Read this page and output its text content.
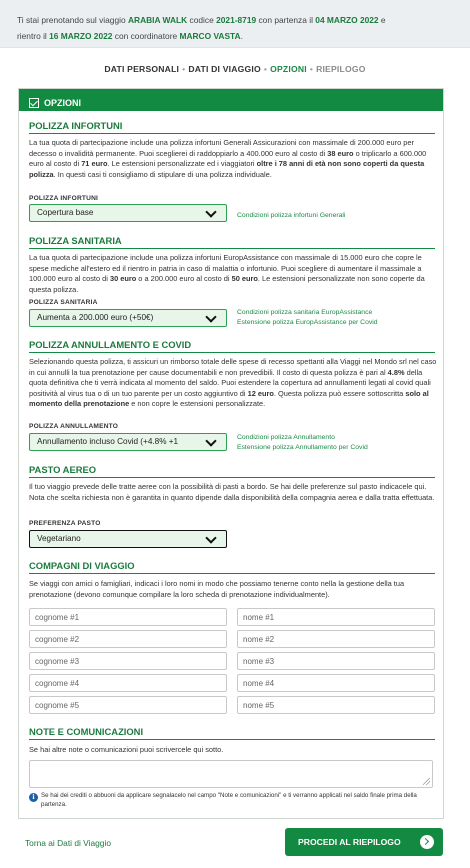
Ti stai prenotando sul viaggio ARABIA WALK codice 2021-8719 con partenza il 04 MARZO 2022 e
rientro il 16 MARZO 2022 con coordinatore MARCO VASTA.
DATI PERSONALI • DATI DI VIAGGIO • OPZIONI • RIEPILOGO
OPZIONI
POLIZZA INFORTUNI
La tua quota di partecipazione include una polizza infortuni Generali Assicurazioni con massimale di 200.000 euro per decesso o invalidità permanente. Puoi sceglierei di raddoppiarlo a 400.000 euro al costo di 38 euro o triplicarlo a 600.000 euro al costo di 71 euro. Le estensioni personalizzate ed i viaggiatori oltre i 78 anni di età non sono coperti da questa polizza. In questi casi ti consigliamo di stipulare di una polizza individuale.
POLIZZA INFORTUNI
Copertura base	Condizioni polizza infortuni Generali
POLIZZA SANITARIA
La tua quota di partecipazione include una polizza infortuni EuropAssistance con massimale di 15.000 euro che copre le spese mediche all'estero ed il rientro in patria in caso di malattia o infortunio. Puoi scegliere di aumentare il massimale a 100.000 euro al costo di 30 euro o a 200.000 euro al costo di 50 euro. Le estensioni personalizzate non sono coperte da questa polizza.
POLIZZA SANITARIA
Aumenta a 200.000 euro (+50€)
Condizioni polizza sanitaria EuropAssistance
Estensione polizza EuropAssistance per Covid
POLIZZA ANNULLAMENTO E COVID
Selezionando questa polizza, ti assicuri un rimborso totale delle spese di recesso spettanti alla Viaggi nel Mondo srl nel caso in cui annulli la tua prenotazione per cause documentabili e non prevedibili. Il costo di questa polizza è pari al 4.8% della quota definitiva che ti verrà indicata al momento del saldo. Puoi estendere la copertura ad annullamenti legati al covid quali positività al virus tua o di un tuo parente per un costo aggiuntivo di 12 euro. Questa polizza può essere sottoscritta solo al momento della prenotazione e non copre le estensioni personalizzate.
POLIZZA ANNULLAMENTO
Annullamento incluso Covid (+4.8% +1	Condizioni polizza Annullamento
Estensione polizza Annullamento per Covid
PASTO AEREO
Il tuo viaggio prevede delle tratte aeree con la possibilità di pasti a bordo. Se hai delle preferenze sul pasto indicacele qui. Nota che scelta richiesta non è garantita in quanto dipende dalla disponibilità della compagnia aerea e dalla tratta effettuata.
PREFERENZA PASTO
Vegetariano
COMPAGNI DI VIAGGIO
Se viaggi con amici o famigliari, indicaci i loro nomi in modo che possiamo tenerne conto nella la gestione della tua prenotazione (devono comunque compilare la loro scheda di prenotazione individualmente).
cognome #1	nome #1
cognome #2	nome #2
cognome #3	nome #3
cognome #4	nome #4
cognome #5	nome #5
NOTE E COMUNICAZIONI
Se hai altre note o comunicazioni puoi scrivercele qui sotto.
i	Se hai dei crediti o abbuoni da applicare segnalacelo nel campo "Note e comunicazioni" e ti verranno applicati nel saldo finale prima della partenza.
Torna ai Dati di Viaggio	PROCEDI AL RIEPILOGO
